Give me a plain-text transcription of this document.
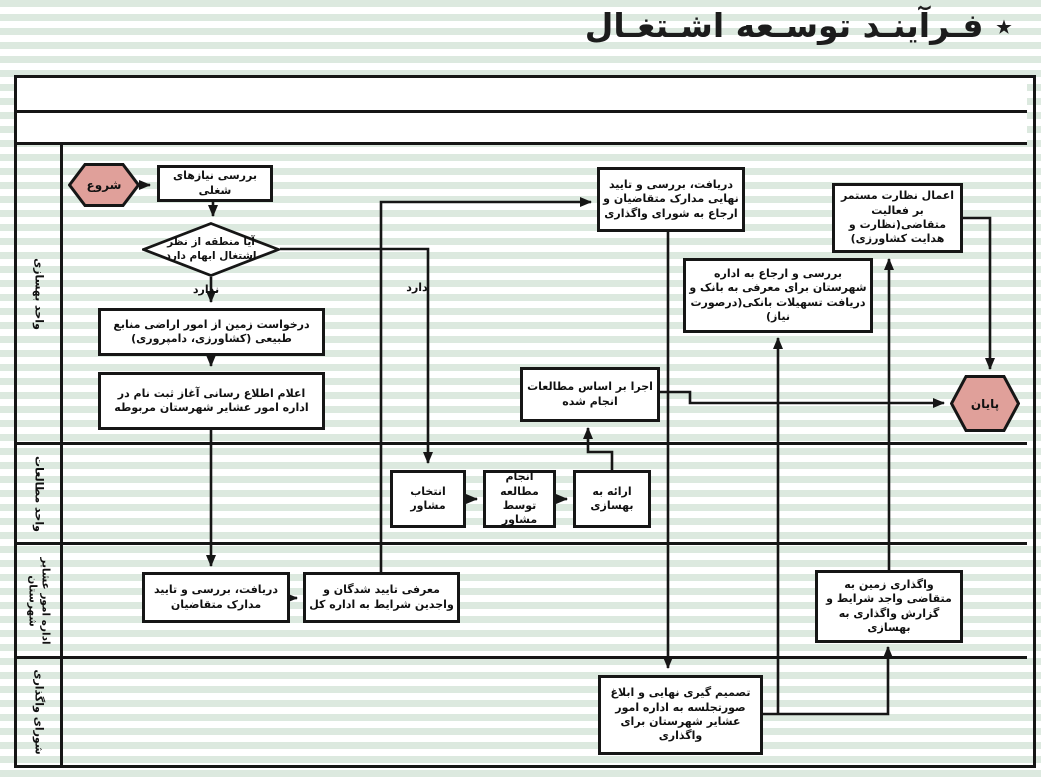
٭ فـرآینـد توسـعه اشـتغـال
واحد بهسازی
واحد مطالعات
اداره امور عشایر شهرستان
شورای واگذاری
شروع
بررسی نیازهای شغلی
آیا منطقه از نظر اشتغال ابهام دارد
ندارد	دارد
درخواست زمین از امور اراضی منابع طبیعی (کشاورزی، دامپروری)
اعلام اطلاع رسانی آغاز ثبت نام در اداره امور عشایر شهرستان مربوطه
دریافت، بررسی و تایید نهایی مدارک متقاضیان و ارجاع به شورای واگذاری
اعمال نظارت مستمر بر فعالیت متقاضی(نظارت و هدایت کشاورزی)
بررسی و ارجاع به اداره شهرستان برای معرفی به بانک و دریافت تسهیلات بانکی(درصورت نیاز)
اجرا بر اساس مطالعات انجام شده	پایان
انتخاب مشاور
انجام مطالعه توسط مشاور
ارائه به بهسازی
دریافت، بررسی و تایید مدارک متقاضیان
معرفی تایید شدگان و واجدین شرایط به اداره کل
واگذاری زمین به متقاضی واجد شرایط و گزارش واگذاری به بهسازی
تصمیم گیری نهایی و ابلاغ صورتجلسه به اداره امور عشایر شهرستان برای واگذاری
